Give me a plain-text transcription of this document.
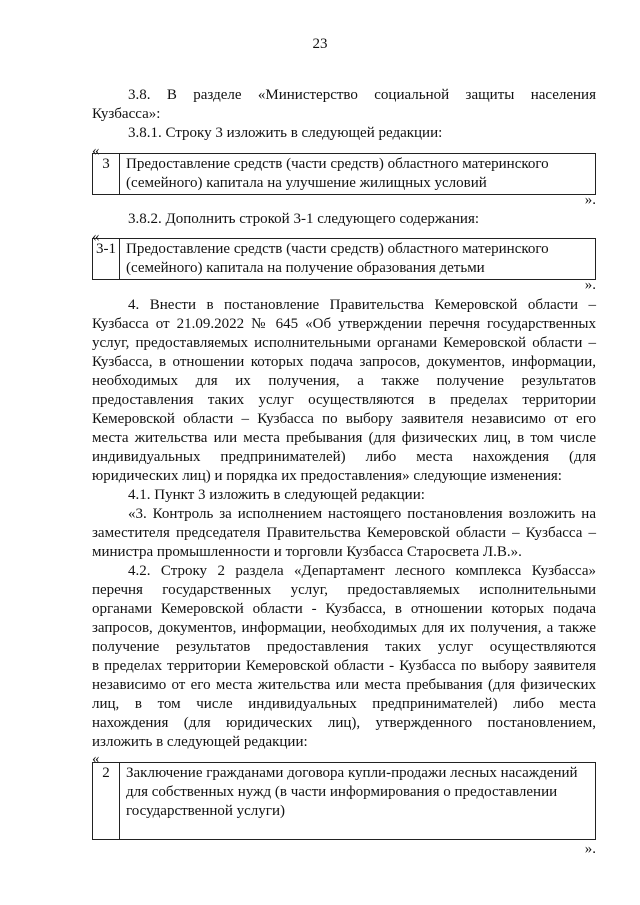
23
3.8. В разделе «Министерство социальной защиты населения
Кузбасса»:
3.8.1. Строку 3 изложить в следующей редакции:
«
3	Предоставление средств (части средств) областного материнского
(семейного) капитала на улучшение жилищных условий
».
3.8.2. Дополнить строкой 3-1 следующего содержания:
«
3-1	Предоставление средств (части средств) областного материнского
(семейного) капитала на получение образования детьми
».
4. Внести в постановление Правительства Кемеровской области –
Кузбасса от 21.09.2022 № 645 «Об утверждении перечня государственных
услуг, предоставляемых исполнительными органами Кемеровской области –
Кузбасса, в отношении которых подача запросов, документов, информации,
необходимых для их получения, а также получение результатов
предоставления таких услуг осуществляются в пределах территории
Кемеровской области – Кузбасса по выбору заявителя независимо от его
места жительства или места пребывания (для физических лиц, в том числе
индивидуальных предпринимателей) либо места нахождения (для
юридических лиц) и порядка их предоставления» следующие изменения:
4.1. Пункт 3 изложить в следующей редакции:
«3. Контроль за исполнением настоящего постановления возложить на
заместителя председателя Правительства Кемеровской области – Кузбасса –
министра промышленности и торговли Кузбасса Старосвета Л.В.».
4.2. Строку 2 раздела «Департамент лесного комплекса Кузбасса»
перечня государственных услуг, предоставляемых исполнительными
органами Кемеровской области - Кузбасса, в отношении которых подача
запросов, документов, информации, необходимых для их получения, а также
получение результатов предоставления таких услуг осуществляются
в пределах территории Кемеровской области - Кузбасса по выбору заявителя
независимо от его места жительства или места пребывания (для физических
лиц, в том числе индивидуальных предпринимателей) либо места
нахождения (для юридических лиц), утвержденного постановлением,
изложить в следующей редакции:
«
2	Заключение гражданами договора купли-продажи лесных насаждений
для собственных нужд (в части информирования о предоставлении
государственной услуги)
».
